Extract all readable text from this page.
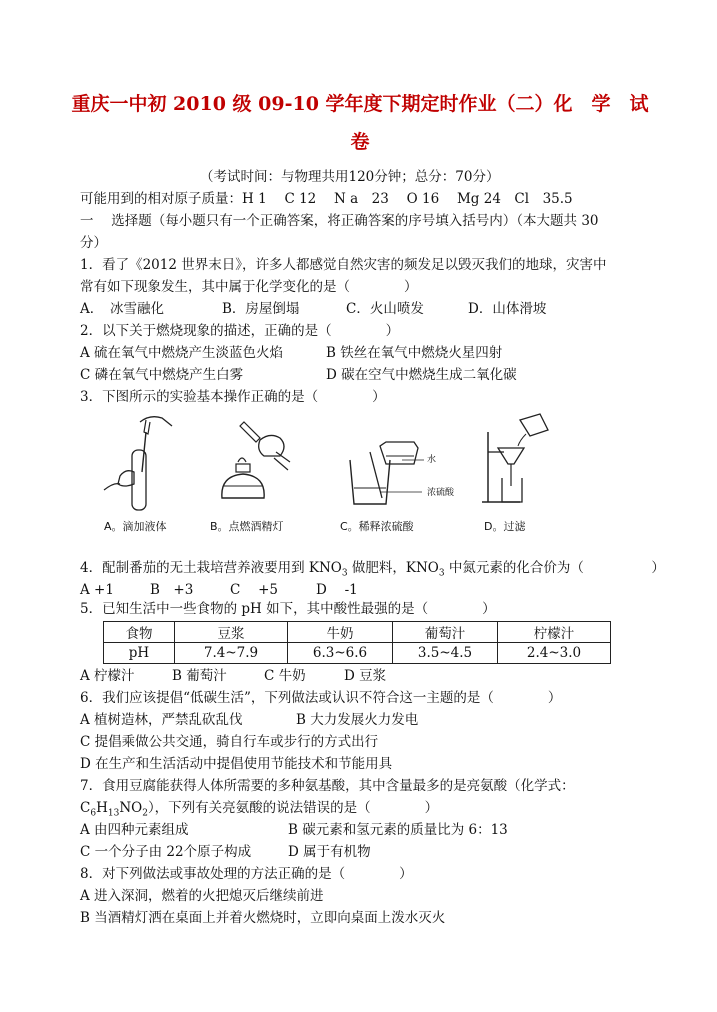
重庆一中初 2010 级 09-10 学年度下期定时作业（二）化　学　试
卷
（考试时间：与物理共用120分钟；总分：70分）
可能用到的相对原子质量：H 1　 C 12　 N a　23　 O 16　 Mg 24　Cl　35.5
一　 选择题（每小题只有一个正确答案，将正确答案的序号填入括号内）（本大题共 30
分）
1．看了《2012 世界末日》，许多人都感觉自然灾害的频发足以毁灭我们的地球，灾害中
常有如下现象发生，其中属于化学变化的是（　　　　）
A．　冰雪融化	B．房屋倒塌	C．火山喷发	D．山体滑坡
2．以下关于燃烧现象的描述，正确的是（　　　　）
A 硫在氧气中燃烧产生淡蓝色火焰	B 铁丝在氧气中燃烧火星四射
C 磷在氧气中燃烧产生白雾	D 碳在空气中燃烧生成二氧化碳
3．下图所示的实验基本操作正确的是（　　　　）
A。滴加液体	B。点燃酒精灯
水
浓硫酸
C。稀释浓硫酸	D。过滤
4．配制番茄的无土栽培营养液要用到 $KNO_3$ 做肥料，$KNO_3$ 中氮元素的化合价为（　　　　　）
A +1	B　+3	C　 +5	D　 -1
5．已知生活中一些食物的 pH 如下，其中酸性最强的是（　　　　）
食物	豆浆	牛奶	葡萄汁	柠檬汁
pH	7.4~7.9	6.3~6.6	3.5~4.5	2.4~3.0
A 柠檬汁	B 葡萄汁	C 牛奶	D 豆浆
6．我们应该提倡“低碳生活”，下列做法或认识不符合这一主题的是（　　　　）
A 植树造林，严禁乱砍乱伐	B 大力发展火力发电
C 提倡乘做公共交通，骑自行车或步行的方式出行
D 在生产和生活活动中提倡使用节能技术和节能用具
7．食用豆腐能获得人体所需要的多种氨基酸，其中含量最多的是亮氨酸（化学式：
$C_6H_{13}NO_2$），下列有关亮氨酸的说法错误的是（　　　　）
A 由四种元素组成	B 碳元素和氢元素的质量比为 6：13
C 一个分子由 22个原子构成	D 属于有机物
8．对下列做法或事故处理的方法正确的是（　　　　）
A 进入深洞，燃着的火把熄灭后继续前进
B 当酒精灯洒在桌面上并着火燃烧时，立即向桌面上泼水灭火
